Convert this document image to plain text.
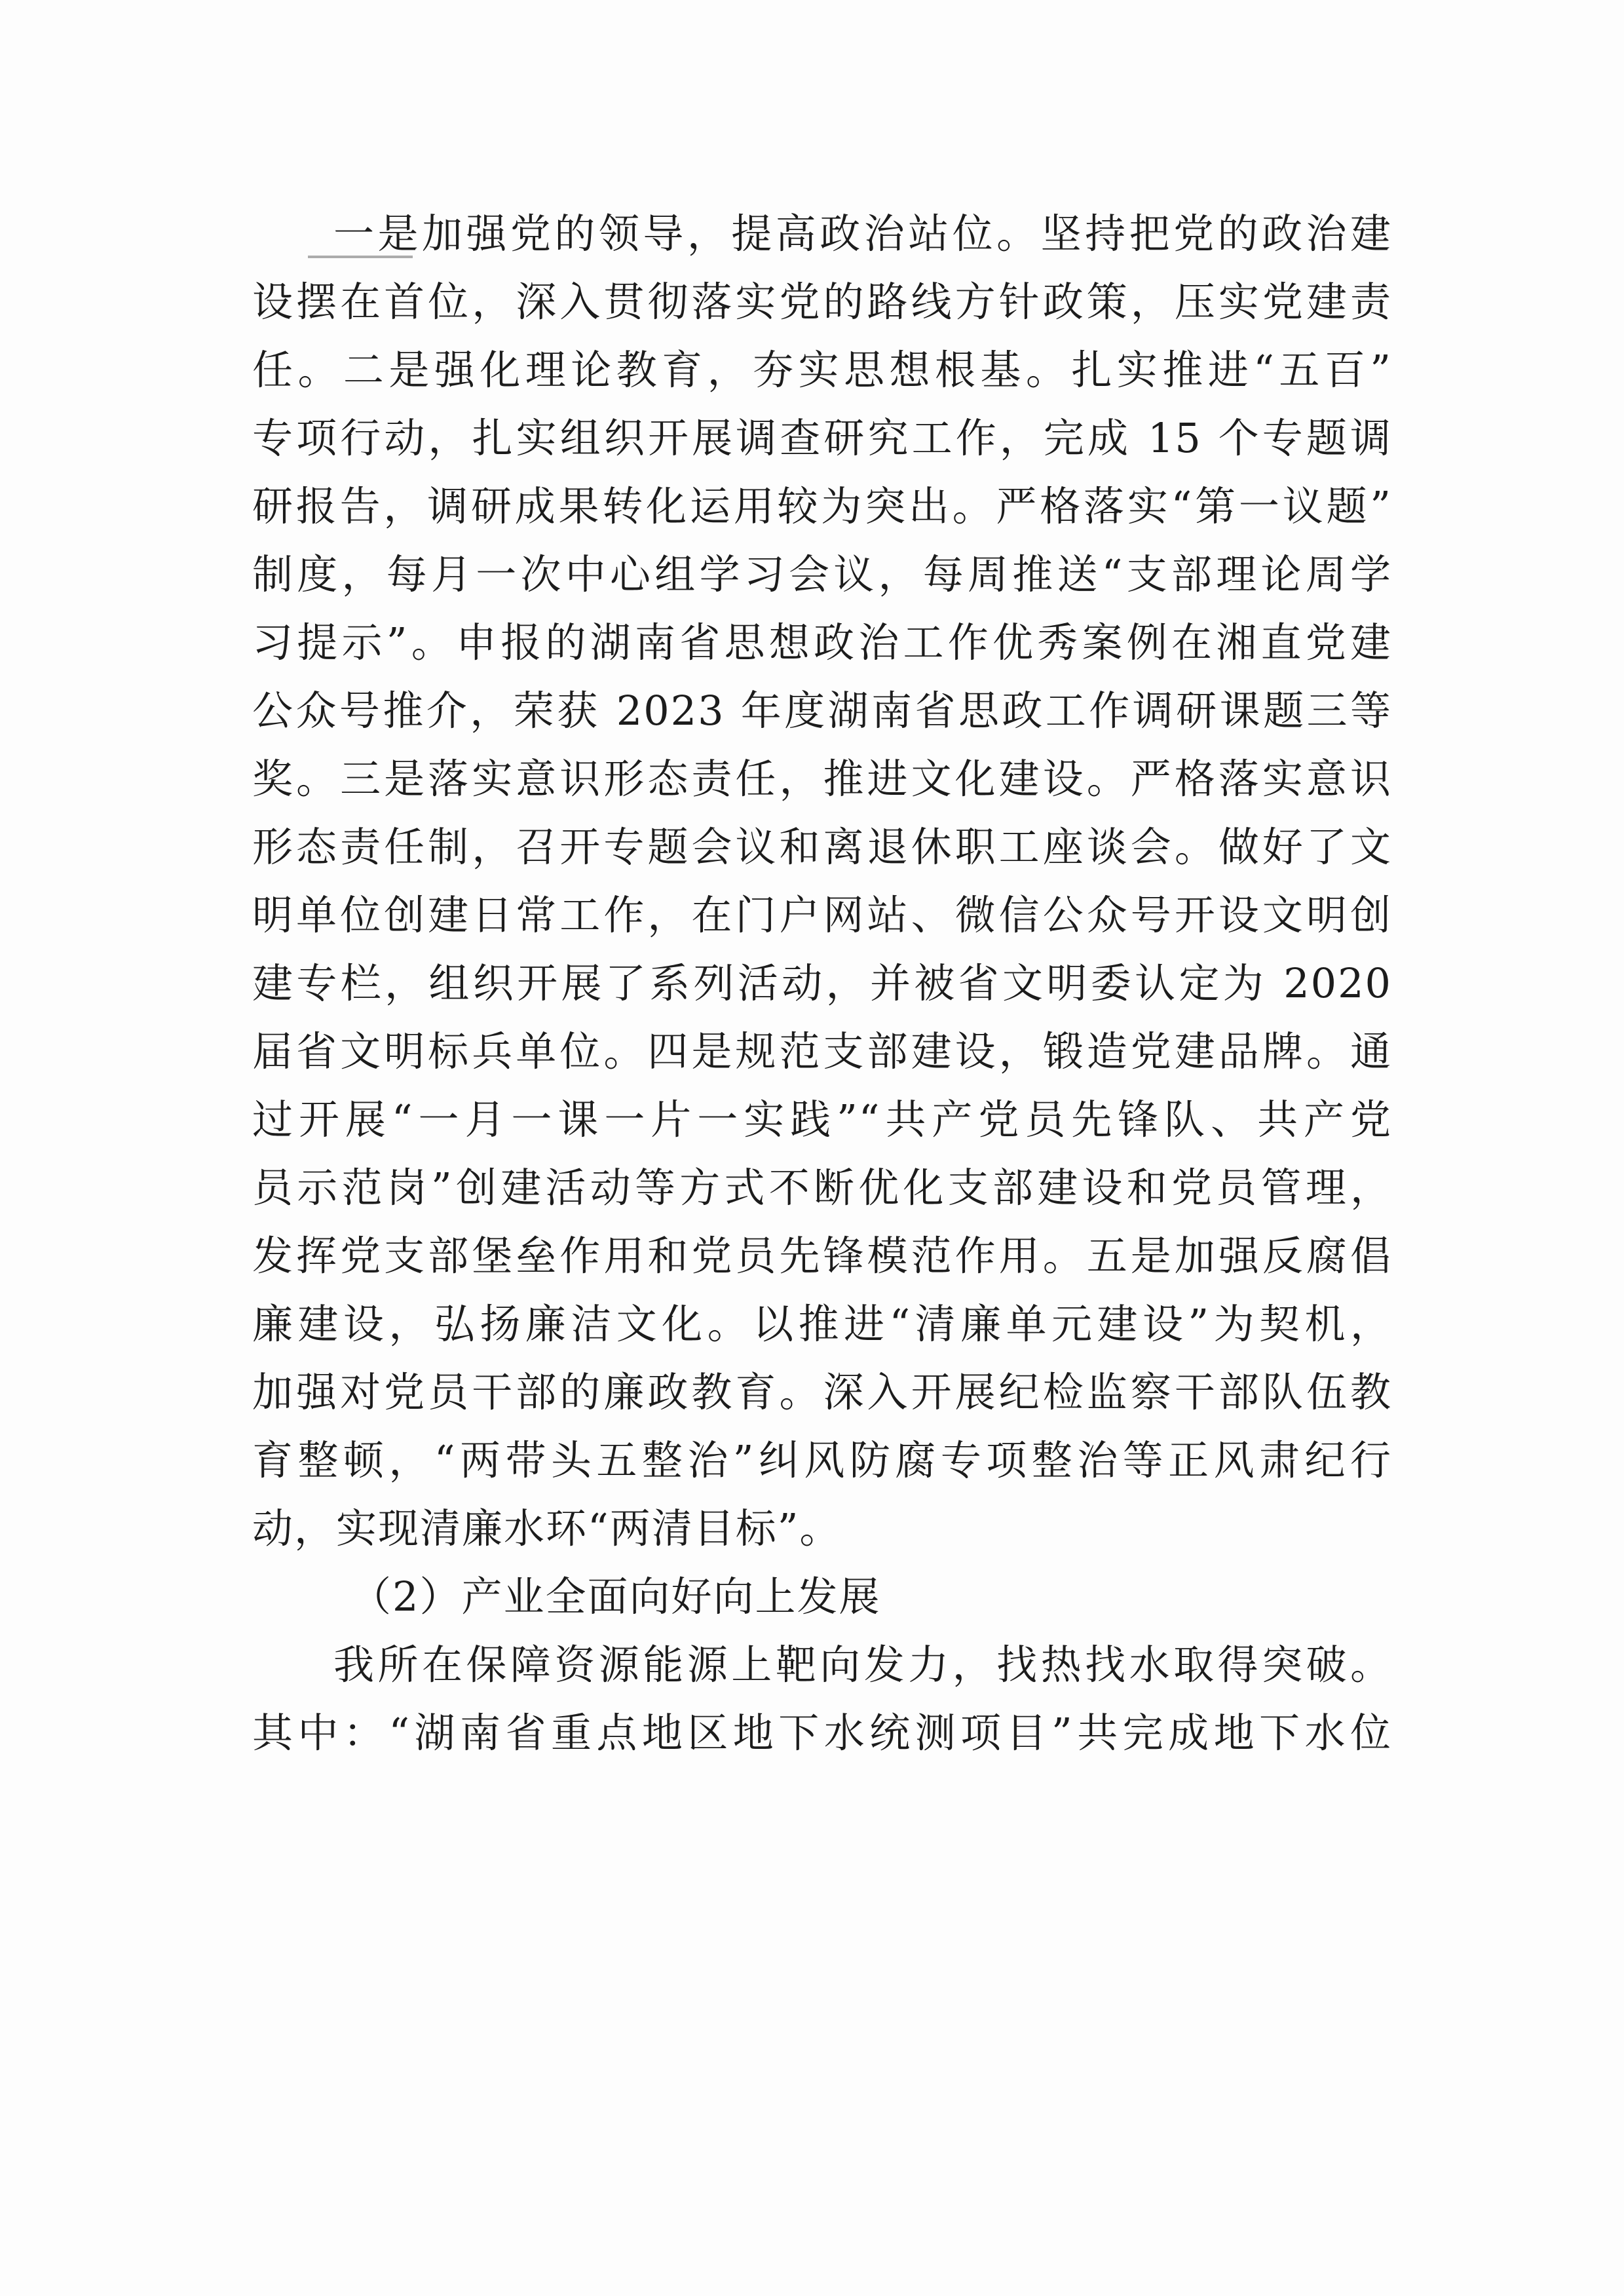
一是加强党的领导，提高政治站位。坚持把党的政治建
设摆在首位，深入贯彻落实党的路线方针政策，压实党建责
任。二是强化理论教育，夯实思想根基。扎实推进“五百”
专项行动，扎实组织开展调查研究工作，完成 15 个专题调
研报告，调研成果转化运用较为突出。严格落实“第一议题”
制度，每月一次中心组学习会议，每周推送“支部理论周学
习提示”。申报的湖南省思想政治工作优秀案例在湘直党建
公众号推介，荣获 2023 年度湖南省思政工作调研课题三等
奖。三是落实意识形态责任，推进文化建设。严格落实意识
形态责任制，召开专题会议和离退休职工座谈会。做好了文
明单位创建日常工作，在门户网站、微信公众号开设文明创
建专栏，组织开展了系列活动，并被省文明委认定为 2020
届省文明标兵单位。四是规范支部建设，锻造党建品牌。通
过开展“一月一课一片一实践”“共产党员先锋队、共产党
员示范岗”创建活动等方式不断优化支部建设和党员管理，
发挥党支部堡垒作用和党员先锋模范作用。五是加强反腐倡
廉建设，弘扬廉洁文化。以推进“清廉单元建设”为契机，
加强对党员干部的廉政教育。深入开展纪检监察干部队伍教
育整顿，“两带头五整治”纠风防腐专项整治等正风肃纪行
动，实现清廉水环“两清目标”。
（2）产业全面向好向上发展
我所在保障资源能源上靶向发力，找热找水取得突破。
其中：“湖南省重点地区地下水统测项目”共完成地下水位
